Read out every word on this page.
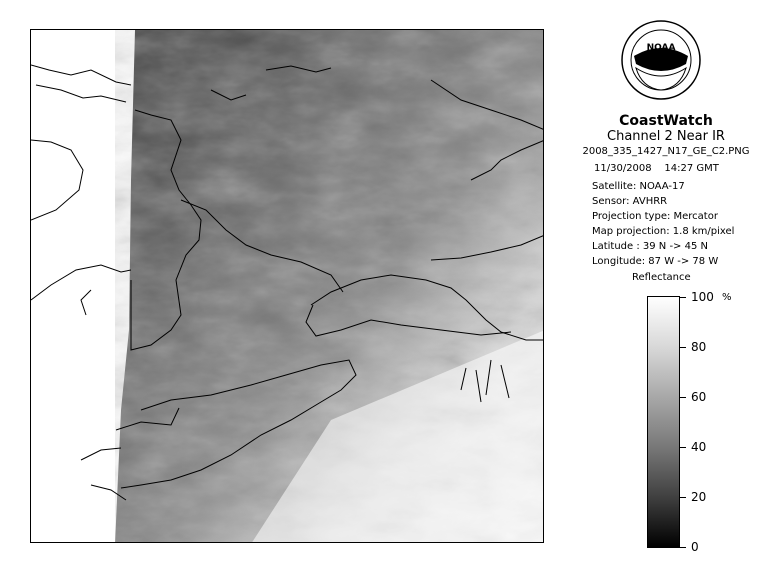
NOAA
CoastWatch
Channel 2 Near IR
2008_335_1427_N17_GE_C2.PNG
11/30/2008 14:27 GMT
Satellite: NOAA-17
Sensor: AVHRR
Projection type: Mercator
Map projection: 1.8 km/pixel
Latitude : 39 N -> 45 N
Longitude: 87 W -> 78 W
Reflectance
%
100
80
60
40
20
0
